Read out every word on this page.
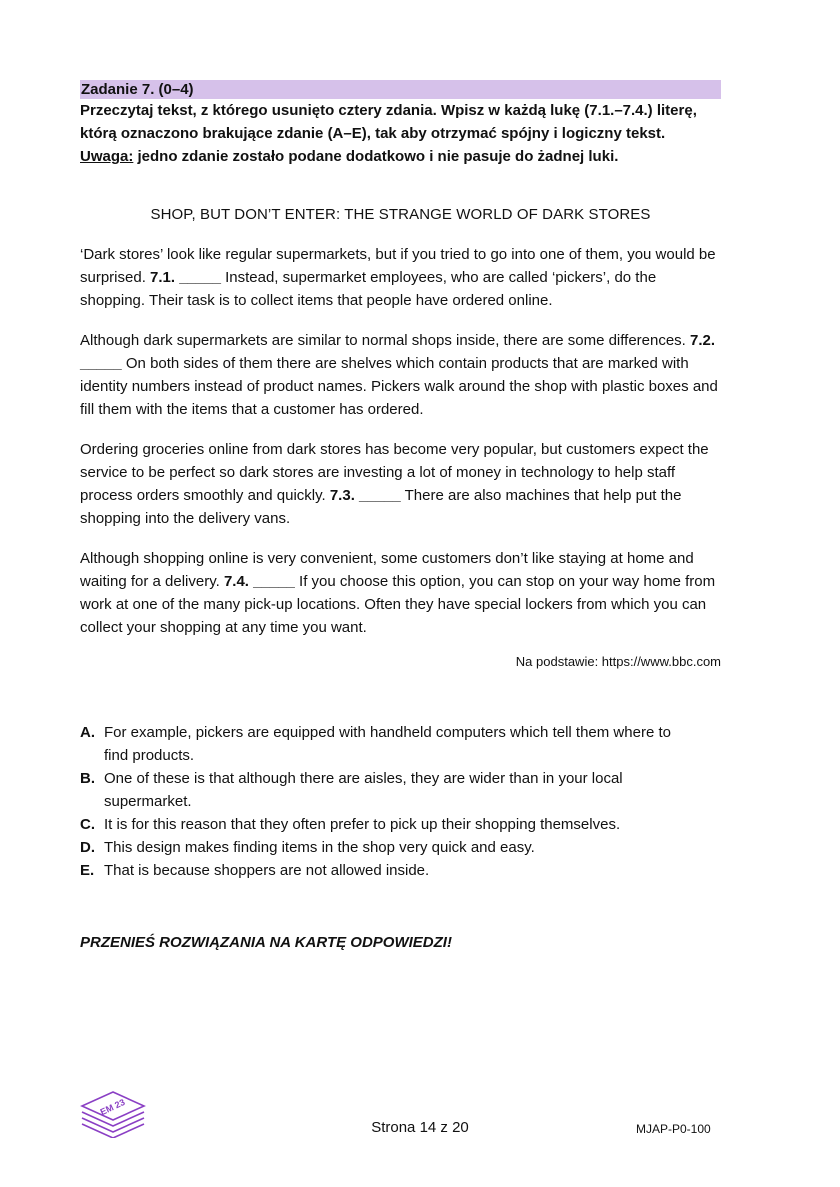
Zadanie 7. (0–4)
Przeczytaj tekst, z którego usunięto cztery zdania. Wpisz w każdą lukę (7.1.–7.4.) literę, którą oznaczono brakujące zdanie (A–E), tak aby otrzymać spójny i logiczny tekst.
Uwaga: jedno zdanie zostało podane dodatkowo i nie pasuje do żadnej luki.
SHOP, BUT DON’T ENTER: THE STRANGE WORLD OF DARK STORES
‘Dark stores’ look like regular supermarkets, but if you tried to go into one of them, you would be surprised. 7.1. _____ Instead, supermarket employees, who are called ‘pickers’, do the shopping. Their task is to collect items that people have ordered online.
Although dark supermarkets are similar to normal shops inside, there are some differences. 7.2. _____ On both sides of them there are shelves which contain products that are marked with identity numbers instead of product names. Pickers walk around the shop with plastic boxes and fill them with the items that a customer has ordered.
Ordering groceries online from dark stores has become very popular, but customers expect the service to be perfect so dark stores are investing a lot of money in technology to help staff process orders smoothly and quickly. 7.3. _____ There are also machines that help put the shopping into the delivery vans.
Although shopping online is very convenient, some customers don’t like staying at home and waiting for a delivery. 7.4. _____ If you choose this option, you can stop on your way home from work at one of the many pick-up locations. Often they have special lockers from which you can collect your shopping at any time you want.
Na podstawie: https://www.bbc.com
A. For example, pickers are equipped with handheld computers which tell them where to find products.
B. One of these is that although there are aisles, they are wider than in your local supermarket.
C. It is for this reason that they often prefer to pick up their shopping themselves.
D. This design makes finding items in the shop very quick and easy.
E. That is because shoppers are not allowed inside.
PRZENIEŚ ROZWIĄZANIA NA KARTĘ ODPOWIEDZI!
EM 23
Strona 14 z 20	MJAP-P0-100
